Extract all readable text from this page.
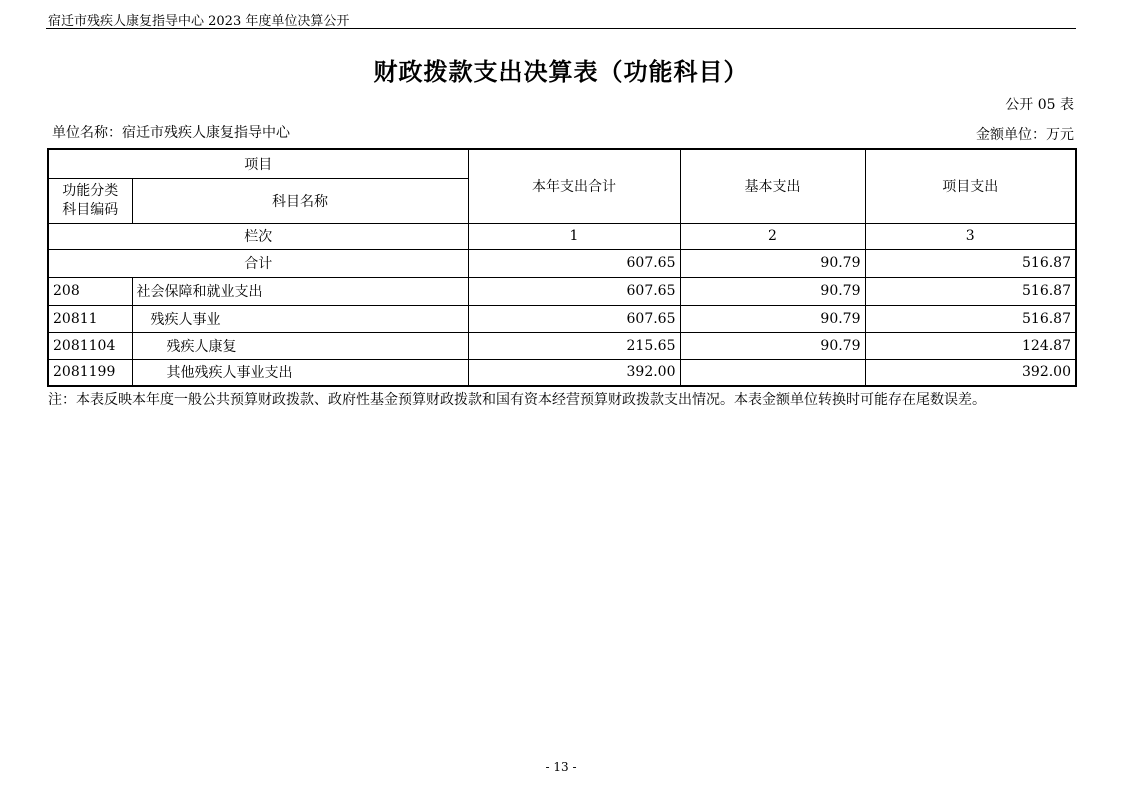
宿迁市残疾人康复指导中心 2023 年度单位决算公开
财政拨款支出决算表（功能科目）
公开 05 表
单位名称：宿迁市残疾人康复指导中心	金额单位：万元
项目		本年支出合计	基本支出	项目支出
功能分类
科目编码	科目名称			
栏次		1	2	3
合计		607.65	90.79	516.87
208	社会保障和就业支出	607.65	90.79	516.87
20811	残疾人事业	607.65	90.79	516.87
2081104	残疾人康复	215.65	90.79	124.87
2081199	其他残疾人事业支出	392.00		392.00
注：本表反映本年度一般公共预算财政拨款、政府性基金预算财政拨款和国有资本经营预算财政拨款支出情况。本表金额单位转换时可能存在尾数误差。
- 13 -
